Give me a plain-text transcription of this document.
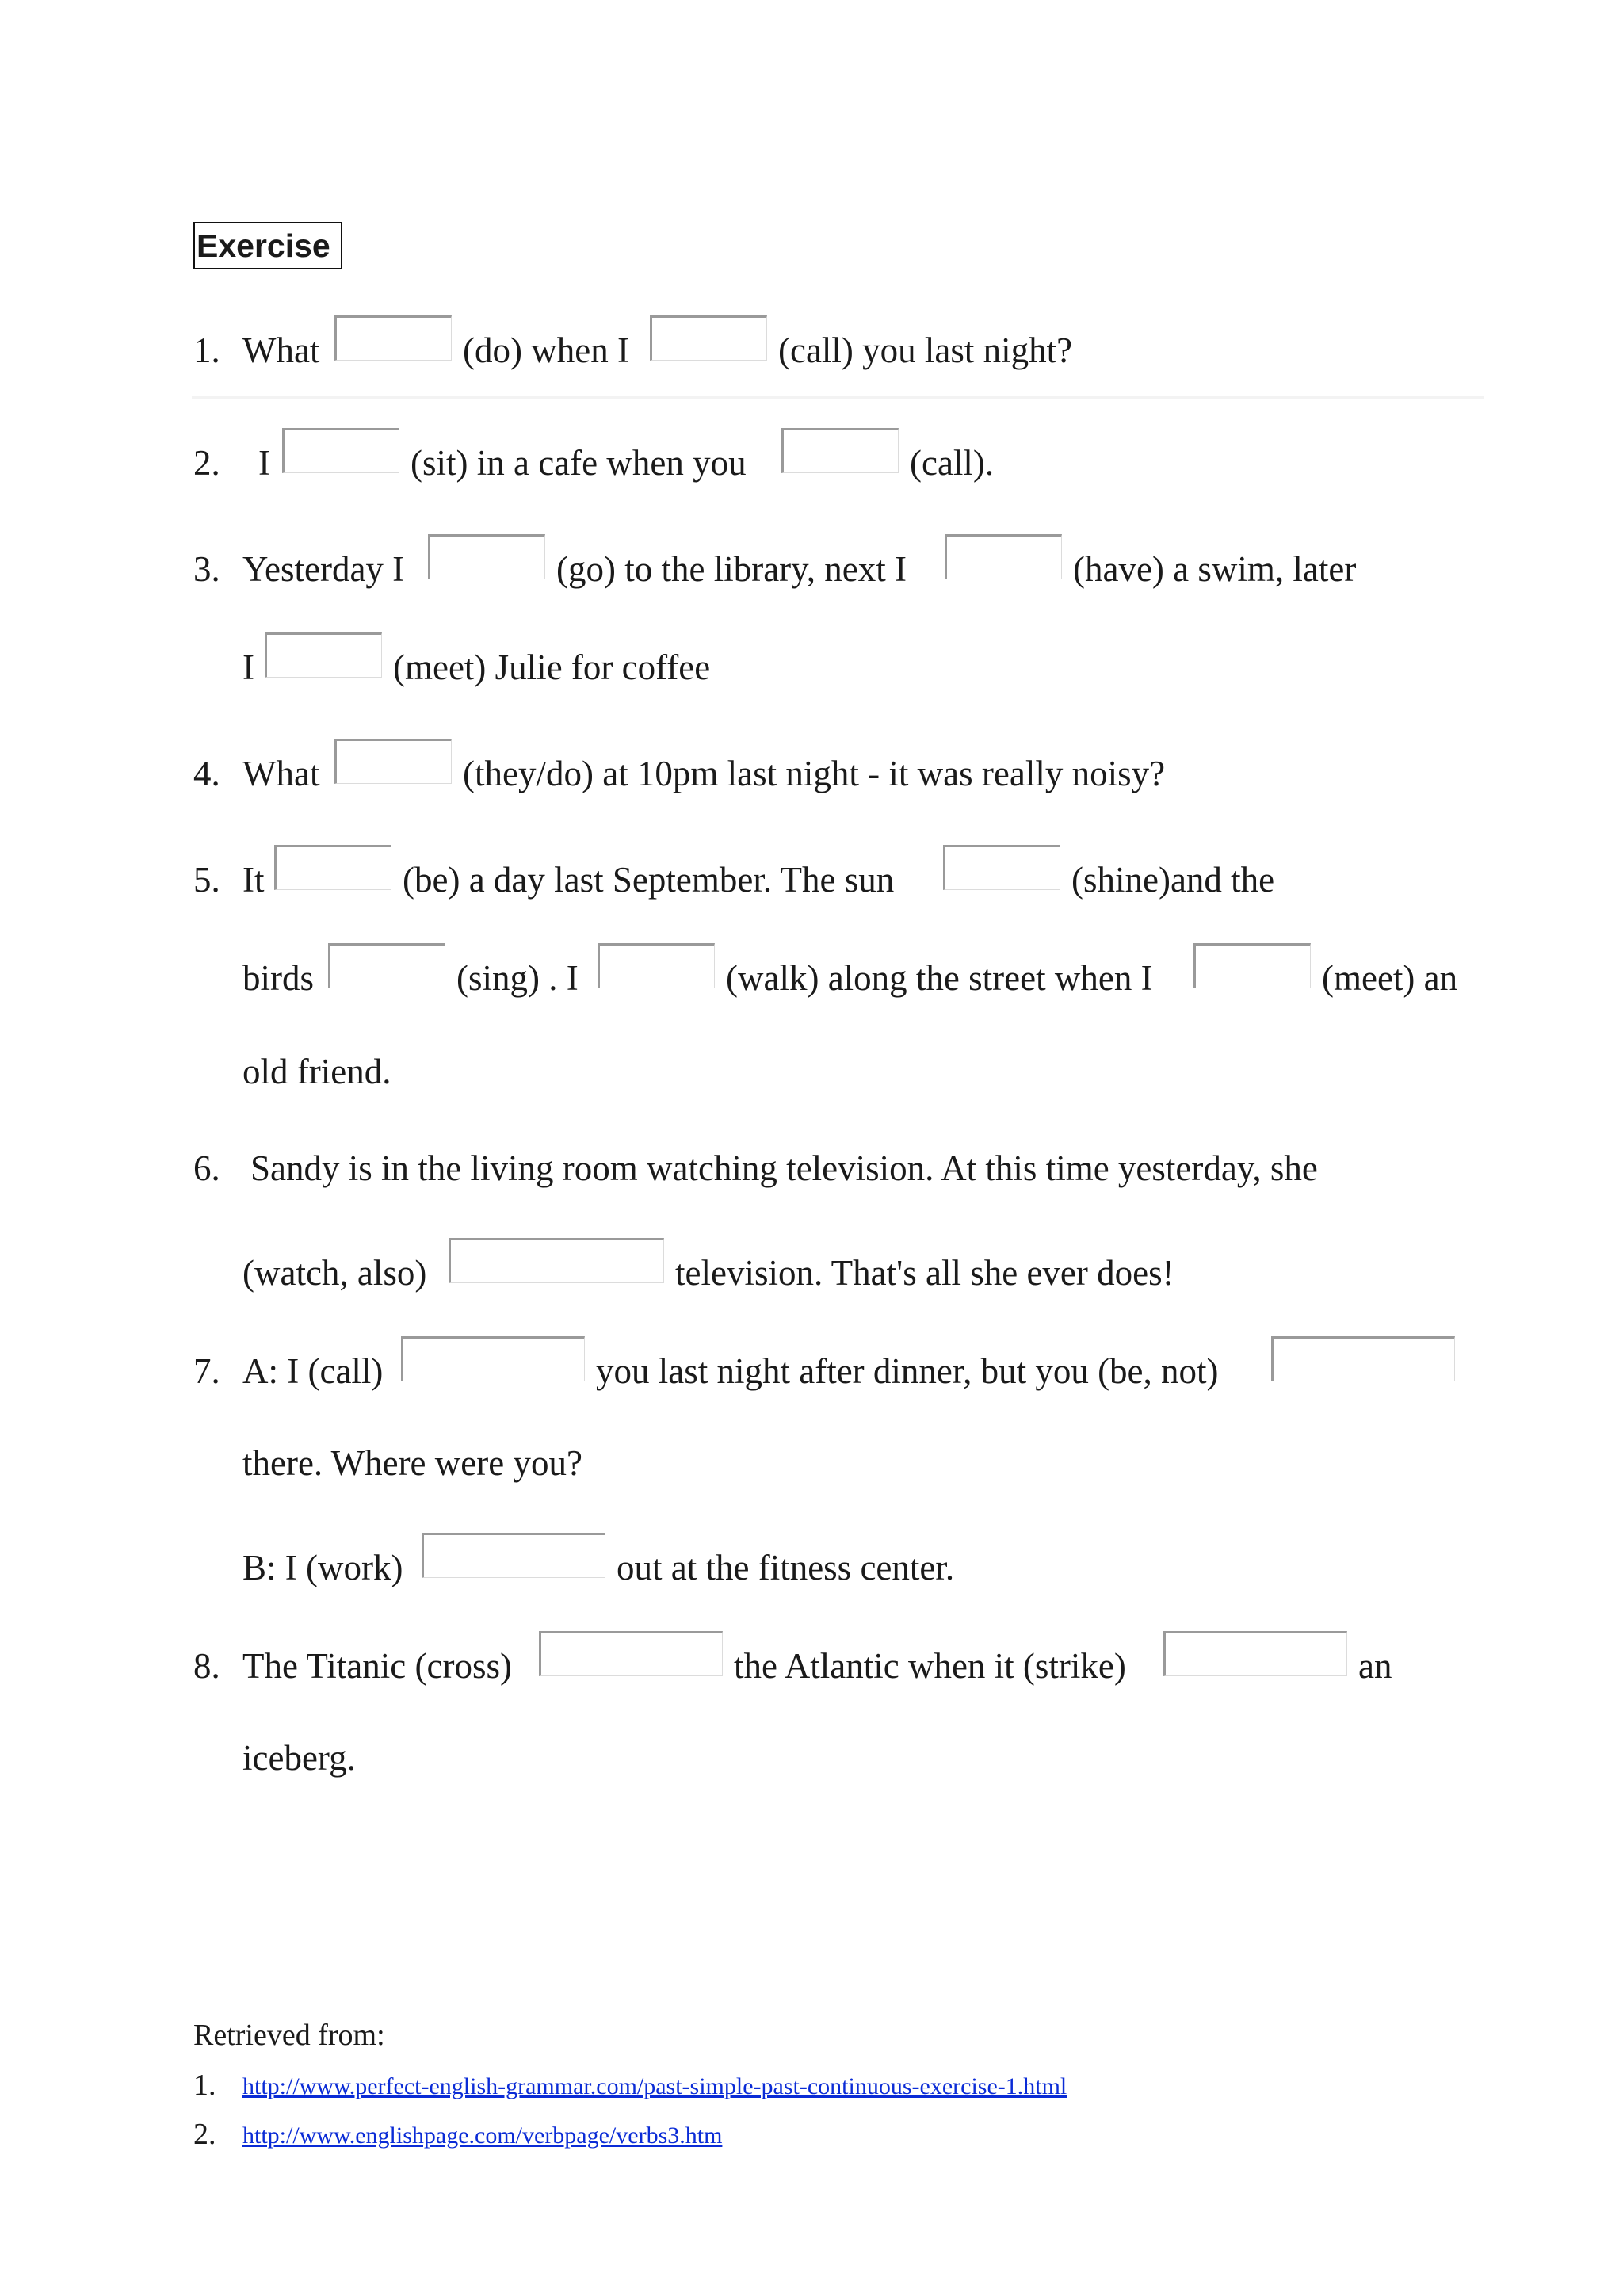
Exercise
1. What	(do) when I	(call) you last night?
2. I	(sit) in a cafe when you	(call).
3. Yesterday I	(go) to the library, next I	(have) a swim, later
I	(meet) Julie for coffee
4. What	(they/do) at 10pm last night - it was really noisy?
5. It	(be) a day last September. The sun	(shine)and the
birds	(sing) . I	(walk) along the street when I	(meet) an
old friend.
6. Sandy is in the living room watching television. At this time yesterday, she
(watch, also)	television. That's all she ever does!
7. A: I (call)	you last night after dinner, but you (be, not)
there. Where were you?
B: I (work)	out at the fitness center.
8. The Titanic (cross)	the Atlantic when it (strike)	an
iceberg.
Retrieved from:
1. http://www.perfect-english-grammar.com/past-simple-past-continuous-exercise-1.html
2. http://www.englishpage.com/verbpage/verbs3.htm
